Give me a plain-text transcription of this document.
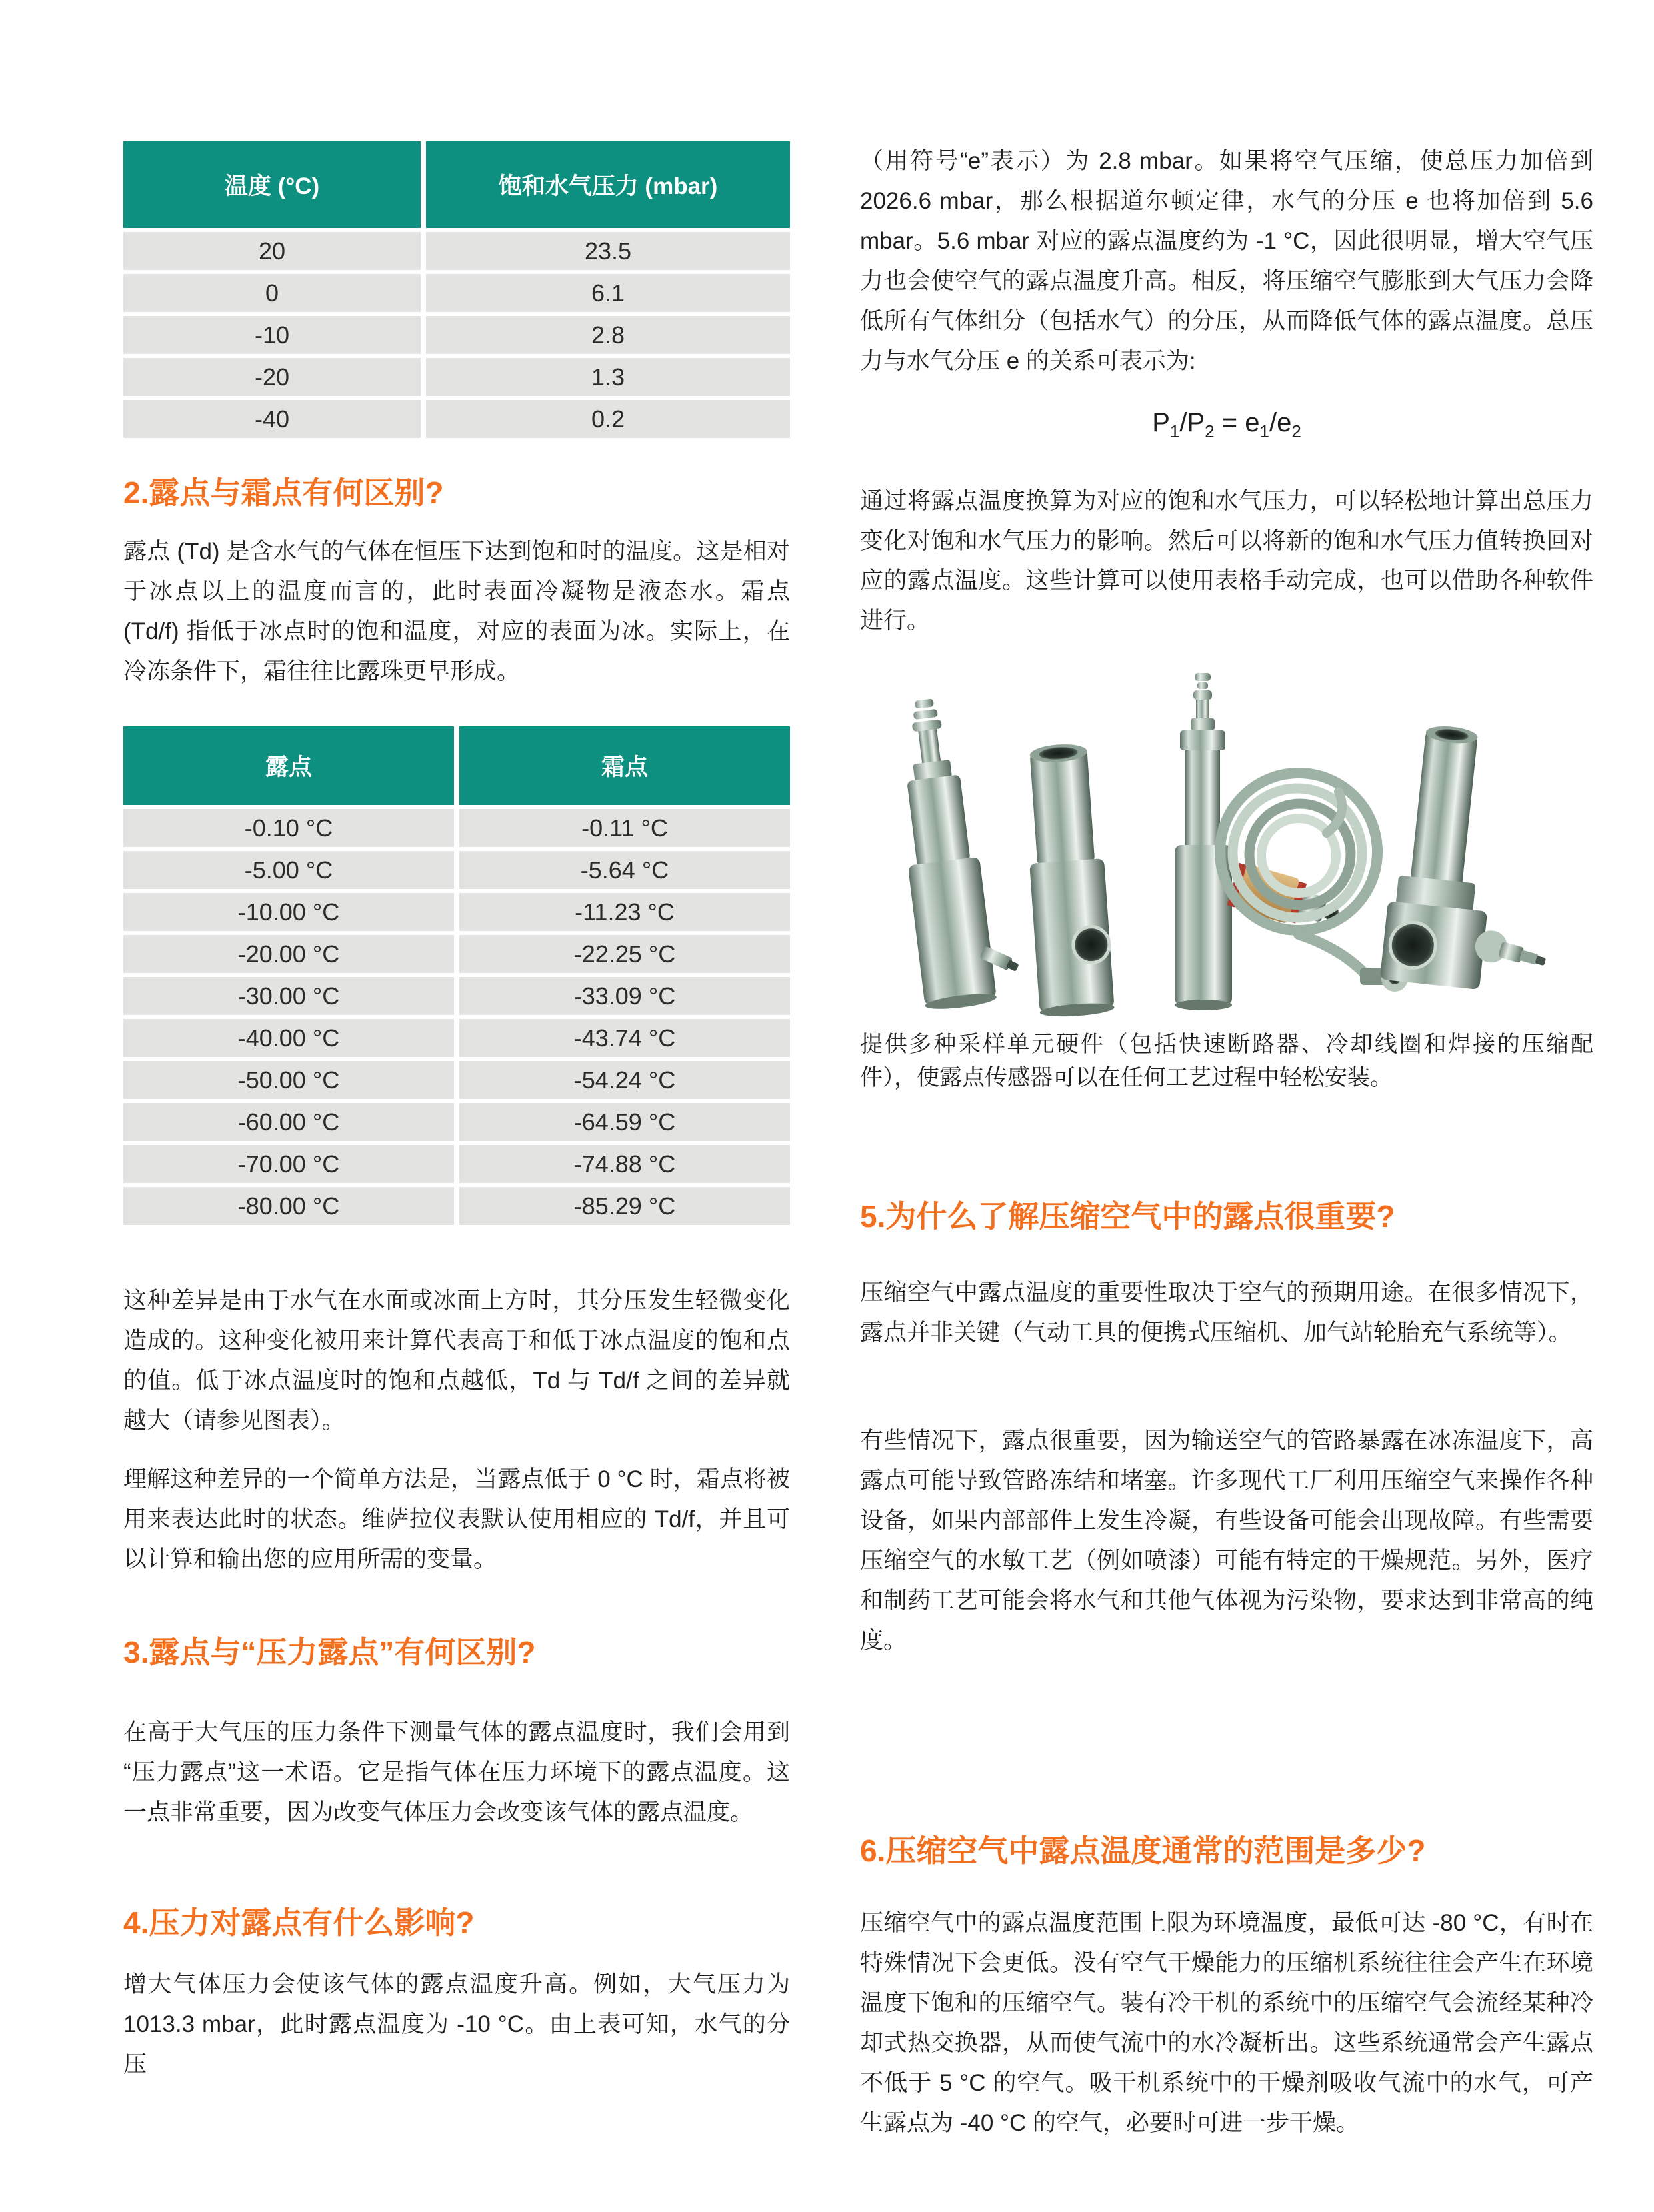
温度 (°C)	饱和水气压力 (mbar)
20	23.5
0	6.1
-10	2.8
-20	1.3
-40	0.2
2.露点与霜点有何区别?

露点 (Td) 是含水气的气体在恒压下达到饱和时的温度。这是相对于冰点以上的温度而言的，此时表面冷凝物是液态水。霜点 (Td/f) 指低于冰点时的饱和温度，对应的表面为冰。实际上，在冷冻条件下，霜往往比露珠更早形成。

露点	霜点
-0.10 °C	-0.11 °C
-5.00 °C	-5.64 °C
-10.00 °C	-11.23 °C
-20.00 °C	-22.25 °C
-30.00 °C	-33.09 °C
-40.00 °C	-43.74 °C
-50.00 °C	-54.24 °C
-60.00 °C	-64.59 °C
-70.00 °C	-74.88 °C
-80.00 °C	-85.29 °C

这种差异是由于水气在水面或冰面上方时，其分压发生轻微变化造成的。这种变化被用来计算代表高于和低于冰点温度的饱和点的值。低于冰点温度时的饱和点越低，Td 与 Td/f 之间的差异就越大（请参见图表）。

理解这种差异的一个简单方法是，当露点低于 0 °C 时，霜点将被用来表达此时的状态。维萨拉仪表默认使用相应的 Td/f，并且可以计算和输出您的应用所需的变量。

3.露点与“压力露点”有何区别?

在高于大气压的压力条件下测量气体的露点温度时，我们会用到“压力露点”这一术语。它是指气体在压力环境下的露点温度。这一点非常重要，因为改变气体压力会改变该气体的露点温度。

4.压力对露点有什么影响?

增大气体压力会使该气体的露点温度升高。例如，大气压力为 1013.3 mbar，此时露点温度为 -10 °C。由上表可知，水气的分压

（用符号“e”表示）为 2.8 mbar。如果将空气压缩，使总压力加倍到 2026.6 mbar，那么根据道尔顿定律，水气的分压 e 也将加倍到 5.6 mbar。5.6 mbar 对应的露点温度约为 -1 °C，因此很明显，增大空气压力也会使空气的露点温度升高。相反，将压缩空气膨胀到大气压力会降低所有气体组分（包括水气）的分压，从而降低气体的露点温度。总压力与水气分压 e 的关系可表示为:

$P_1/P_2 = e_1/e_2$

通过将露点温度换算为对应的饱和水气压力，可以轻松地计算出总压力变化对饱和水气压力的影响。然后可以将新的饱和水气压力值转换回对应的露点温度。这些计算可以使用表格手动完成，也可以借助各种软件进行。

提供多种采样单元硬件（包括快速断路器、冷却线圈和焊接的压缩配件），使露点传感器可以在任何工艺过程中轻松安装。

5.为什么了解压缩空气中的露点很重要?

压缩空气中露点温度的重要性取决于空气的预期用途。在很多情况下，露点并非关键（气动工具的便携式压缩机、加气站轮胎充气系统等）。

有些情况下，露点很重要，因为输送空气的管路暴露在冰冻温度下，高露点可能导致管路冻结和堵塞。许多现代工厂利用压缩空气来操作各种设备，如果内部部件上发生冷凝，有些设备可能会出现故障。有些需要压缩空气的水敏工艺（例如喷漆）可能有特定的干燥规范。另外，医疗和制药工艺可能会将水气和其他气体视为污染物，要求达到非常高的纯度。

6.压缩空气中露点温度通常的范围是多少?

压缩空气中的露点温度范围上限为环境温度，最低可达 -80 °C，有时在特殊情况下会更低。没有空气干燥能力的压缩机系统往往会产生在环境温度下饱和的压缩空气。装有冷干机的系统中的压缩空气会流经某种冷却式热交换器，从而使气流中的水冷凝析出。这些系统通常会产生露点不低于 5 °C 的空气。吸干机系统中的干燥剂吸收气流中的水气，可产生露点为 -40 °C 的空气，必要时可进一步干燥。
